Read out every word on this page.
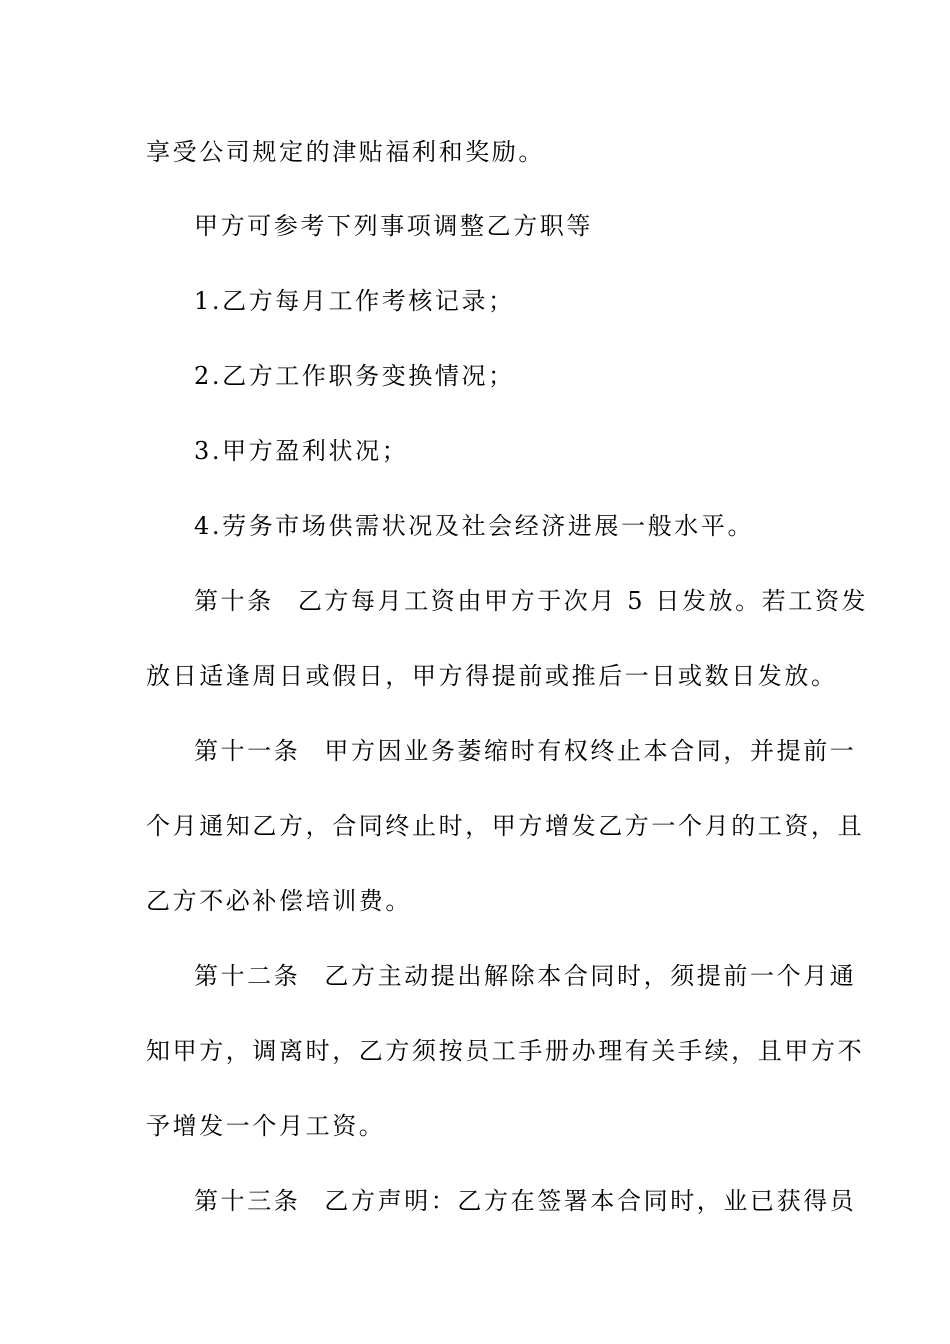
享受公司规定的津贴福利和奖励。
甲方可参考下列事项调整乙方职等
1.乙方每月工作考核记录；
2.乙方工作职务变换情况；
3.甲方盈利状况；
4.劳务市场供需状况及社会经济进展一般水平。
第十条 乙方每月工资由甲方于次月 5 日发放。若工资发
放日适逢周日或假日，甲方得提前或推后一日或数日发放。
第十一条 甲方因业务萎缩时有权终止本合同，并提前一
个月通知乙方，合同终止时，甲方增发乙方一个月的工资，且
乙方不必补偿培训费。
第十二条 乙方主动提出解除本合同时，须提前一个月通
知甲方，调离时，乙方须按员工手册办理有关手续，且甲方不
予增发一个月工资。
第十三条 乙方声明：乙方在签署本合同时，业已获得员
